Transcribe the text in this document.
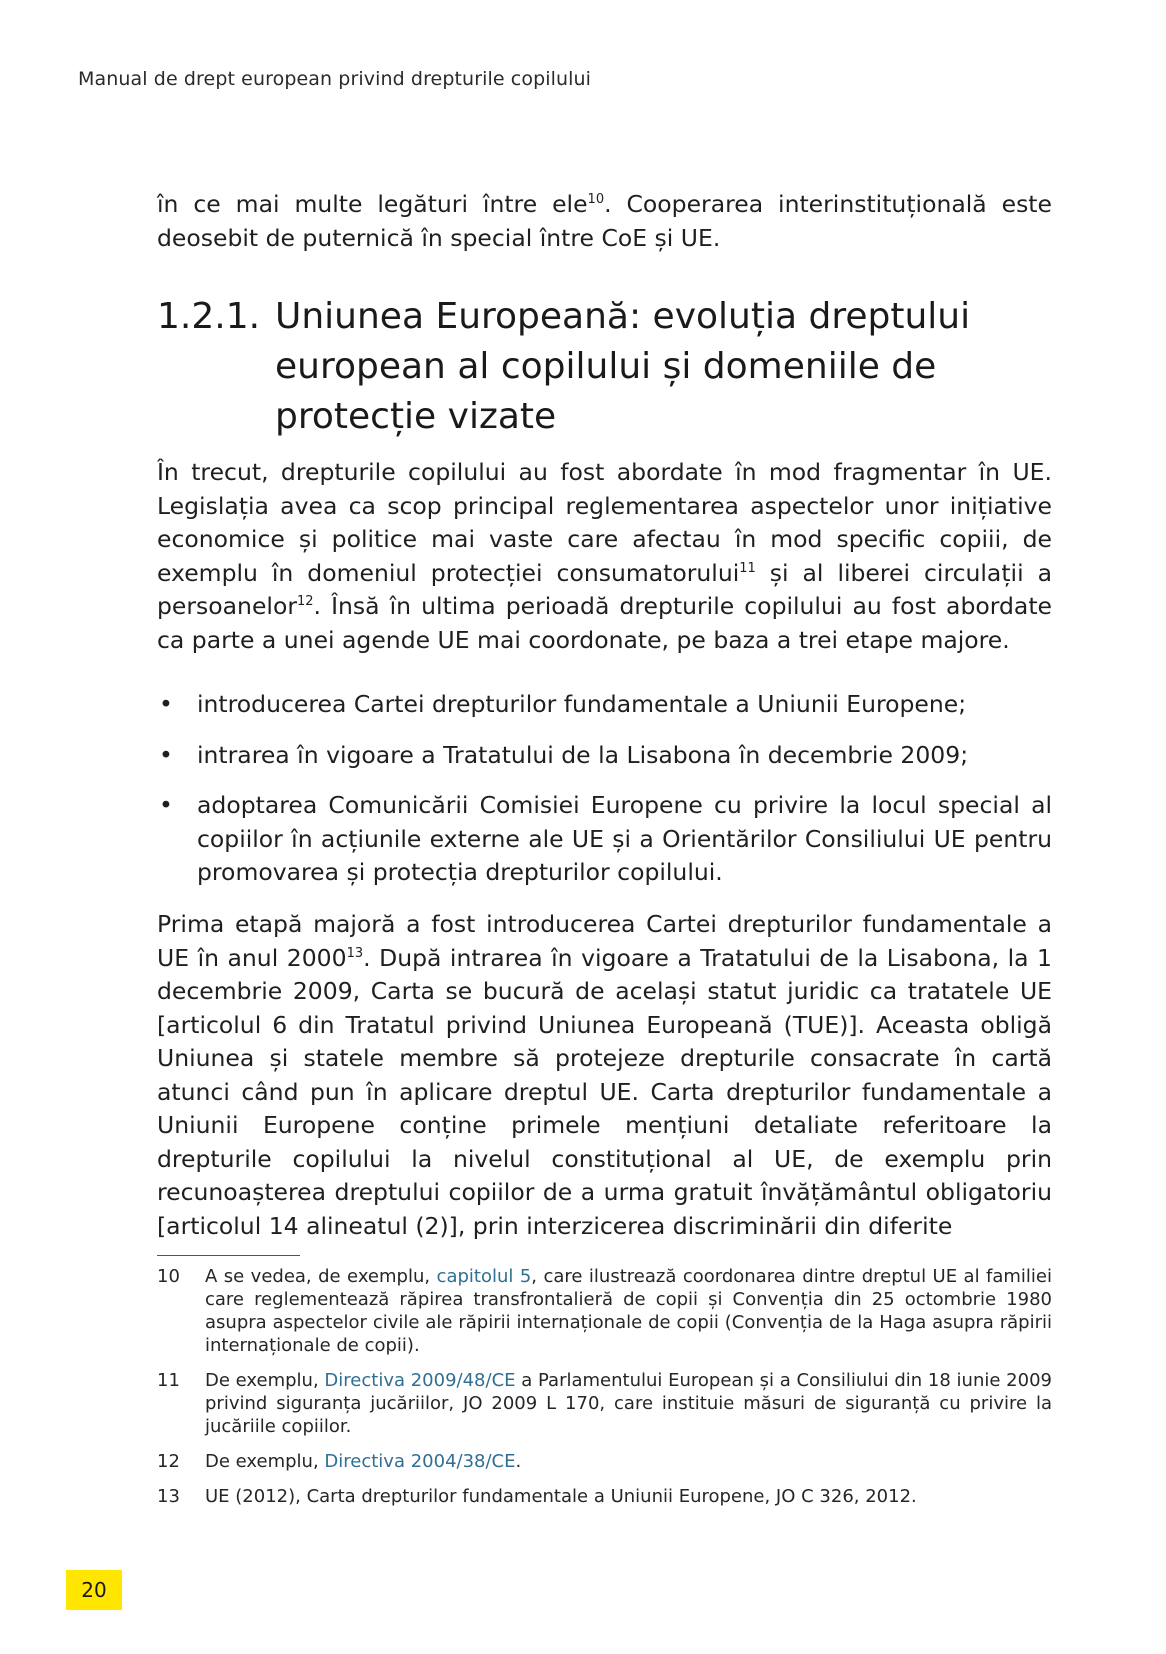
Manual de drept european privind drepturile copilului

în ce mai multe legături între ele$^{10}$. Cooperarea interinstituțională este deosebit de puternică în special între CoE și UE.

1.2.1. Uniunea Europeană: evoluția dreptului european al copilului și domeniile de protecție vizate

În trecut, drepturile copilului au fost abordate în mod fragmentar în UE. Legislația avea ca scop principal reglementarea aspectelor unor inițiative economice și politice mai vaste care afectau în mod specific copiii, de exemplu în domeniul protecției consumatorului$^{11}$ și al liberei circulații a persoanelor$^{12}$. Însă în ultima perioadă drepturile copilului au fost abordate ca parte a unei agende UE mai coordonate, pe baza a trei etape majore.

• introducerea Cartei drepturilor fundamentale a Uniunii Europene;
• intrarea în vigoare a Tratatului de la Lisabona în decembrie 2009;
• adoptarea Comunicării Comisiei Europene cu privire la locul special al copiilor în acțiunile externe ale UE și a Orientărilor Consiliului UE pentru promovarea și protecția drepturilor copilului.

Prima etapă majoră a fost introducerea Cartei drepturilor fundamentale a UE în anul 2000$^{13}$. După intrarea în vigoare a Tratatului de la Lisabona, la 1 decembrie 2009, Carta se bucură de același statut juridic ca tratatele UE [articolul 6 din Tratatul privind Uniunea Europeană (TUE)]. Aceasta obligă Uniunea și statele membre să protejeze drepturile consacrate în cartă atunci când pun în aplicare dreptul UE. Carta drepturilor fundamentale a Uniunii Europene conține primele mențiuni detaliate referitoare la drepturile copilului la nivelul constituțional al UE, de exemplu prin recunoașterea dreptului copiilor de a urma gratuit învățământul obligatoriu [articolul 14 alineatul (2)], prin interzicerea discriminării din diferite

10	A se vedea, de exemplu, capitolul 5, care ilustrează coordonarea dintre dreptul UE al familiei care reglementează răpirea transfrontalieră de copii și Convenția din 25 octombrie 1980 asupra aspectelor civile ale răpirii internaționale de copii (Convenția de la Haga asupra răpirii internaționale de copii).
11	De exemplu, Directiva 2009/48/CE a Parlamentului European și a Consiliului din 18 iunie 2009 privind siguranța jucăriilor, JO 2009 L 170, care instituie măsuri de siguranță cu privire la jucăriile copiilor.
12	De exemplu, Directiva 2004/38/CE.
13	UE (2012), Carta drepturilor fundamentale a Uniunii Europene, JO C 326, 2012.
20
